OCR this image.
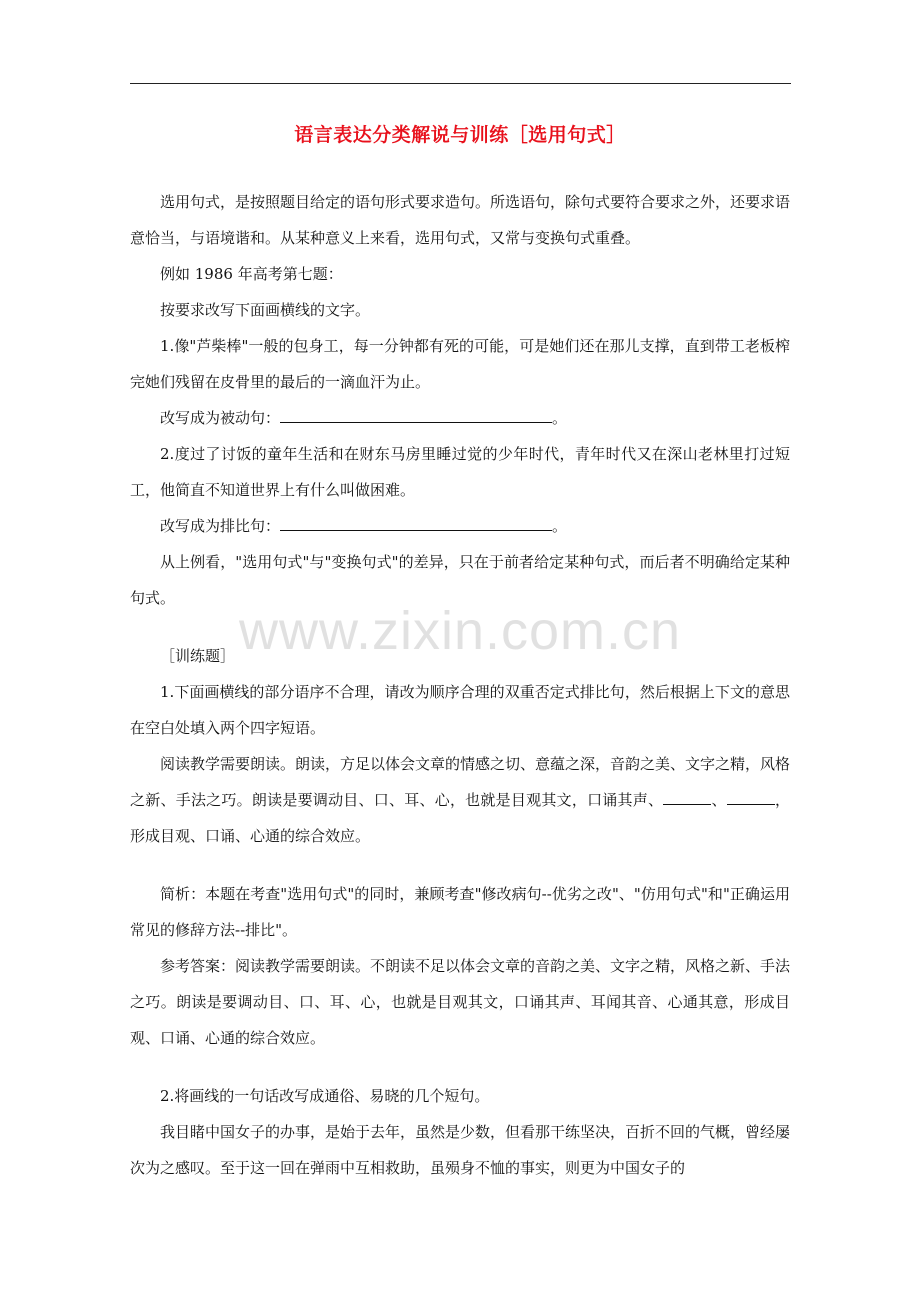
语言表达分类解说与训练［选用句式］

选用句式，是按照题目给定的语句形式要求造句。所选语句，除句式要符合要求之外，还要求语意恰当，与语境谐和。从某种意义上来看，选用句式，又常与变换句式重叠。

例如 1986 年高考第七题：

按要求改写下面画横线的文字。

1.像"芦柴棒"一般的包身工，每一分钟都有死的可能，可是她们还在那儿支撑，直到带工老板榨完她们残留在皮骨里的最后的一滴血汗为止。

改写成为被动句：	。

2.度过了讨饭的童年生活和在财东马房里睡过觉的少年时代，青年时代又在深山老林里打过短工，他简直不知道世界上有什么叫做困难。

改写成为排比句：	。

从上例看，"选用句式"与"变换句式"的差异，只在于前者给定某种句式，而后者不明确给定某种句式。

［训练题］

1.下面画横线的部分语序不合理，请改为顺序合理的双重否定式排比句，然后根据上下文的意思在空白处填入两个四字短语。

阅读教学需要朗读。朗读，方足以体会文章的情感之切、意蕴之深，音韵之美、文字之精，风格之新、手法之巧。朗读是要调动目、口、耳、心，也就是目观其文，口诵其声、	、	，形成目观、口诵、心通的综合效应。

简析：本题在考查"选用句式"的同时，兼顾考查"修改病句--优劣之改"、"仿用句式"和"正确运用常见的修辞方法--排比"。

参考答案：阅读教学需要朗读。不朗读不足以体会文章的音韵之美、文字之精，风格之新、手法之巧。朗读是要调动目、口、耳、心，也就是目观其文，口诵其声、耳闻其音、心通其意，形成目观、口诵、心通的综合效应。

2.将画线的一句话改写成通俗、易晓的几个短句。

我目睹中国女子的办事，是始于去年，虽然是少数，但看那干练坚决，百折不回的气概，曾经屡次为之感叹。至于这一回在弹雨中互相救助，虽殒身不恤的事实，则更为中国女子的

www.zixin.com.cn
